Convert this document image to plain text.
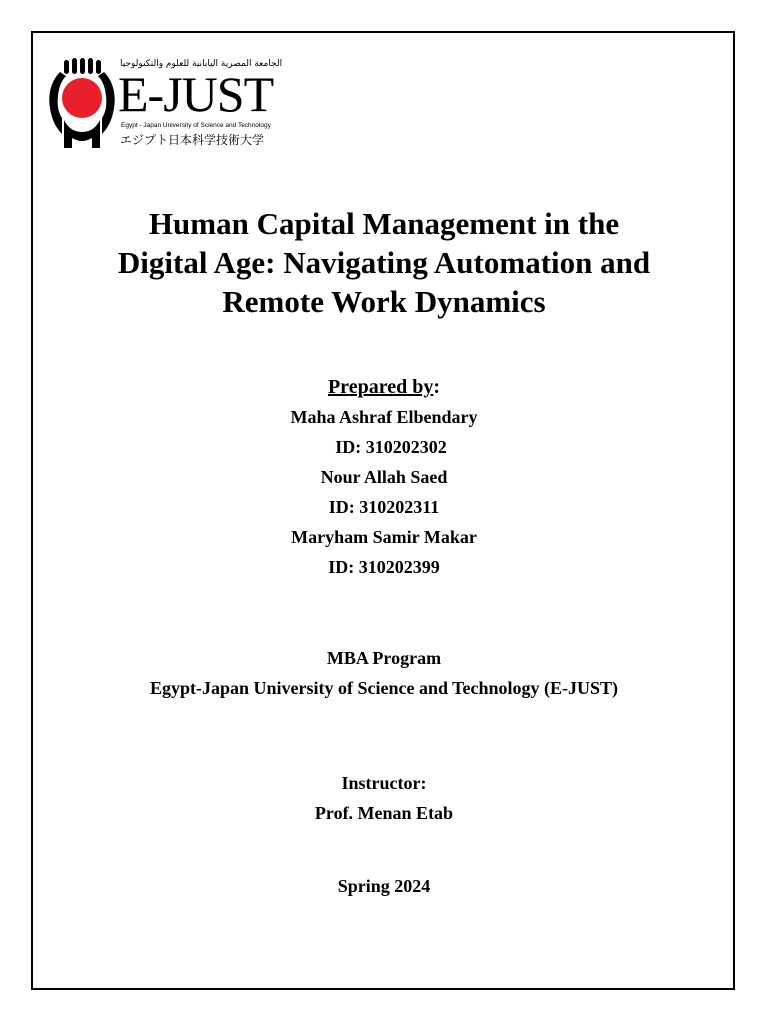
الجامعة المصرية اليابانية للعلوم والتكنولوجيا
E-JUST
Egypt - Japan University of Science and Technology
エジプト日本科学技術大学
Human Capital Management in the
Digital Age: Navigating Automation and
Remote Work Dynamics
Prepared by:
Maha Ashraf Elbendary
ID: 310202302
Nour Allah Saed
ID: 310202311
Maryham Samir Makar
ID: 310202399
MBA Program
Egypt-Japan University of Science and Technology (E-JUST)
Instructor:
Prof. Menan Etab
Spring 2024
